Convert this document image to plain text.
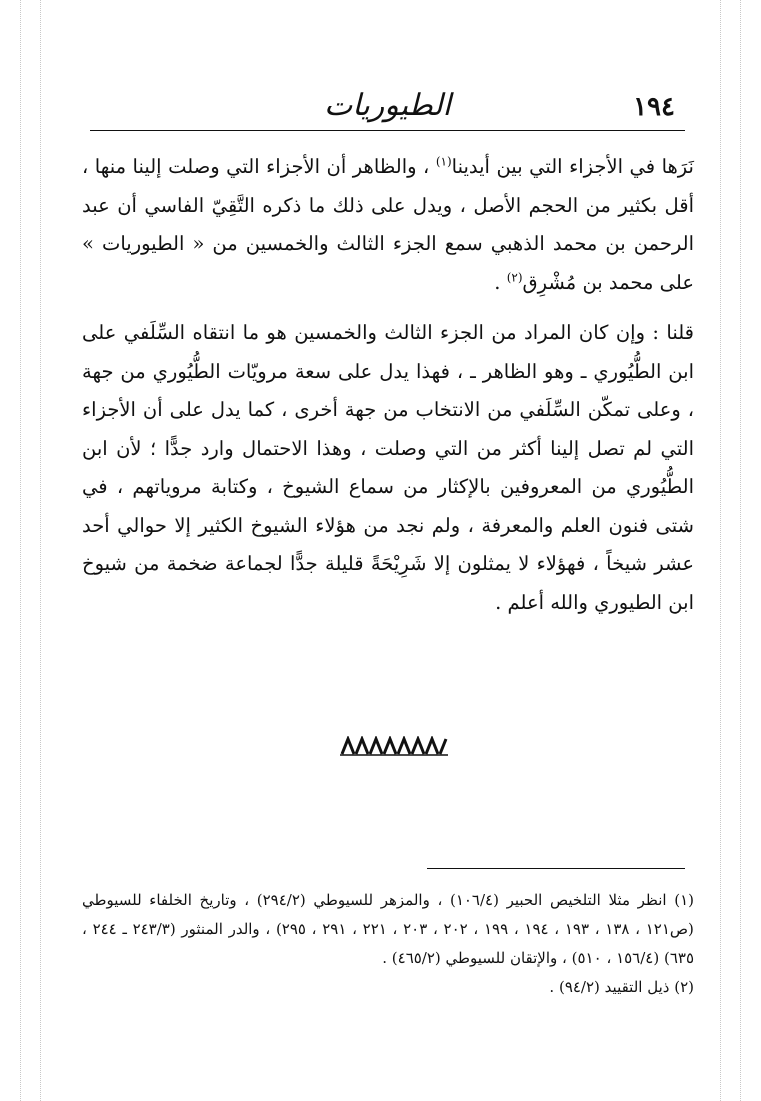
١٩٤
الطيوريات

نَرَها في الأجزاء التي بين أيدينا$^{(١)}$ ، والظاهر أن الأجزاء التي وصلت إلينا منها ، أقل بكثير من الحجم الأصل ، ويدل على ذلك ما ذكره التَّقِيّ الفاسي أن عبد الرحمن بن محمد الذهبي سمع الجزء الثالث والخمسين من « الطيوريات » على محمد بن مُشْرِق$^{(٢)}$ .

قلنا : وإن كان المراد من الجزء الثالث والخمسين هو ما انتقاه السِّلَفي على ابن الطُّيُوري ـ وهو الظاهر ـ ، فهذا يدل على سعة مرويّات الطُّيُوري من جهة ، وعلى تمكّن السِّلَفي من الانتخاب من جهة أخرى ، كما يدل على أن الأجزاء التي لم تصل إلينا أكثر من التي وصلت ، وهذا الاحتمال وارد جدًّا ؛ لأن ابن الطُّيُوري من المعروفين بالإكثار من سماع الشيوخ ، وكتابة مروياتهم ، في شتى فنون العلم والمعرفة ، ولم نجد من هؤلاء الشيوخ الكثير إلا حوالي أحد عشر شيخاً ، فهؤلاء لا يمثلون إلا شَرِيْحَةً قليلة جدًّا لجماعة ضخمة من شيوخ ابن الطيوري والله أعلم .

(١) انظر مثلا التلخيص الحبير (١٠٦/٤) ، والمزهر للسيوطي (٢٩٤/٢) ، وتاريخ الخلفاء للسيوطي (ص١٢١ ، ١٣٨ ، ١٩٣ ، ١٩٤ ، ١٩٩ ، ٢٠٢ ، ٢٠٣ ، ٢٢١ ، ٢٩١ ، ٢٩٥) ، والدر المنثور (٢٤٣/٣ ـ ٢٤٤ ، ٦٣٥) (١٥٦/٤ ، ٥١٠) ، والإتقان للسيوطي (٤٦٥/٢) .

(٢) ذيل التقييد (٩٤/٢) .
